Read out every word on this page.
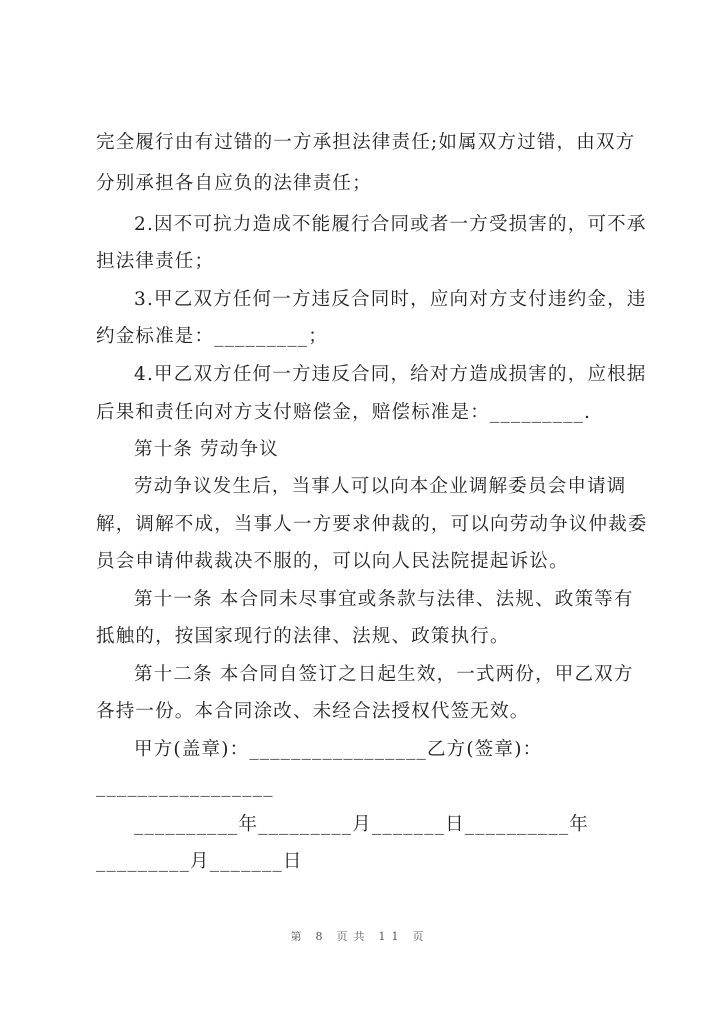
完全履行由有过错的一方承担法律责任;如属双方过错，由双方
分别承担各自应负的法律责任；
2.因不可抗力造成不能履行合同或者一方受损害的，可不承
担法律责任；
3.甲乙双方任何一方违反合同时，应向对方支付违约金，违
约金标准是：_________；
4.甲乙双方任何一方违反合同，给对方造成损害的，应根据
后果和责任向对方支付赔偿金，赔偿标准是：_________.
第十条 劳动争议
劳动争议发生后，当事人可以向本企业调解委员会申请调
解，调解不成，当事人一方要求仲裁的，可以向劳动争议仲裁委
员会申请仲裁裁决不服的，可以向人民法院提起诉讼。
第十一条 本合同未尽事宜或条款与法律、法规、政策等有
抵触的，按国家现行的法律、法规、政策执行。
第十二条 本合同自签订之日起生效，一式两份，甲乙双方
各持一份。本合同涂改、未经合法授权代签无效。
甲方(盖章)：_________________乙方(签章)：
_________________
__________年_________月_______日__________年
_________月_______日
第 8 页共 11 页
